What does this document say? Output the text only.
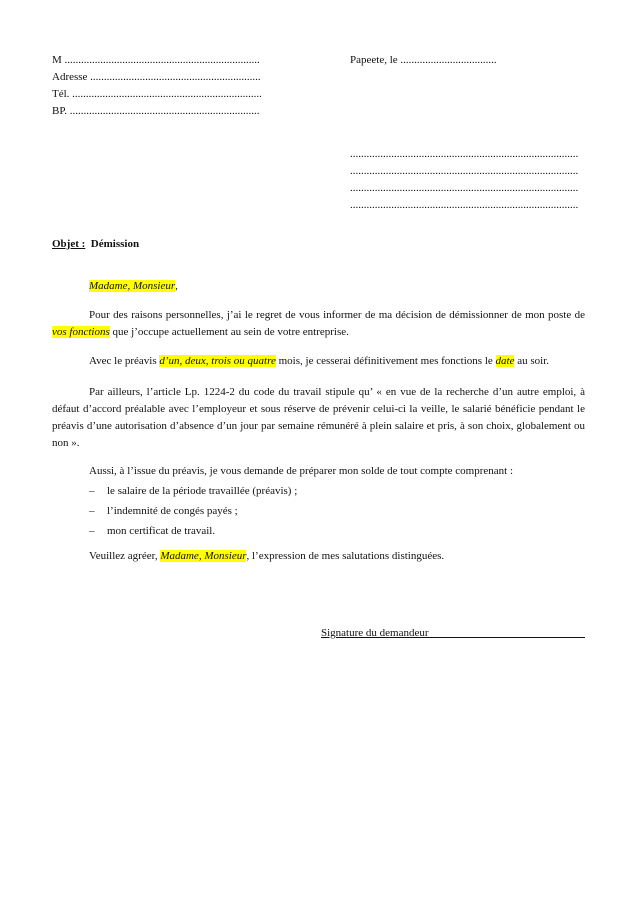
M .......................................................................
Adresse ..............................................................
Tél. .....................................................................
BP. .....................................................................
Papeete, le ...................................
...................................................................................
...................................................................................
...................................................................................
...................................................................................
Objet : Démission
Madame, Monsieur,

Pour des raisons personnelles, j’ai le regret de vous informer de ma décision de démissionner de mon poste de vos fonctions que j’occupe actuellement au sein de votre entreprise.

Avec le préavis d’un, deux, trois ou quatre mois, je cesserai définitivement mes fonctions le date au soir.

Par ailleurs, l’article Lp. 1224-2 du code du travail stipule qu’ « en vue de la recherche d’un autre emploi, à défaut d’accord préalable avec l’employeur et sous réserve de prévenir celui-ci la veille, le salarié bénéficie pendant le préavis d’une autorisation d’absence d’un jour par semaine rémunéré à plein salaire et pris, à son choix, globalement ou non ».

Aussi, à l’issue du préavis, je vous demande de préparer mon solde de tout compte comprenant :

– le salaire de la période travaillée (préavis) ;
– l’indemnité de congés payés ;
– mon certificat de travail.
Veuillez agréer, Madame, Monsieur, l’expression de mes salutations distinguées.
Signature du demandeur
